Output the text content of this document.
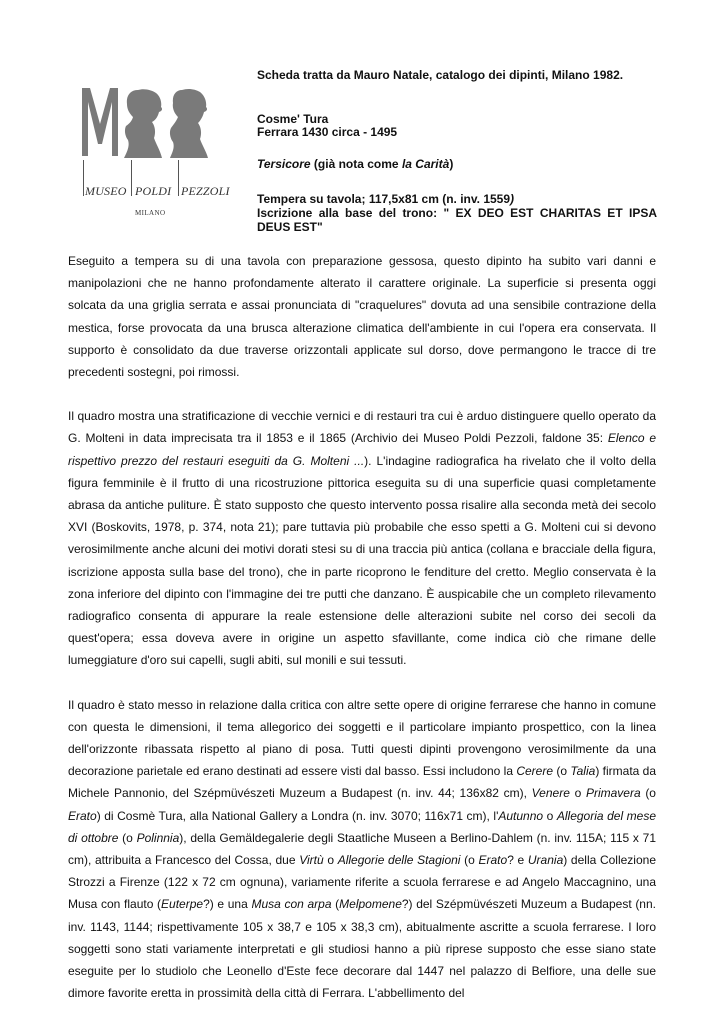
MUSEO POLDI PEZZOLI
MILANO

Scheda tratta da Mauro Natale, catalogo dei dipinti, Milano 1982.

Cosme' Tura

Ferrara 1430 circa - 1495

Tersicore (già nota come la Carità)

Tempera su tavola; 117,5x81 cm (n. inv. 1559)

Iscrizione alla base del trono: " EX DEO EST CHARITAS ET IPSA

DEUS EST"

Eseguito a tempera su di una tavola con preparazione gessosa, questo dipinto ha subito vari danni e manipolazioni che ne hanno profondamente alterato il carattere originale. La superficie si presenta oggi solcata da una griglia serrata e assai pronunciata di "craquelures" dovuta ad una sensibile contrazione della mestica, forse provocata da una brusca alterazione climatica dell'ambiente in cui l'opera era conservata. Il supporto è consolidato da due traverse orizzontali applicate sul dorso, dove permangono le tracce di tre precedenti sostegni, poi rimossi.

Il quadro mostra una stratificazione di vecchie vernici e di restauri tra cui è arduo distinguere quello operato da G. Molteni in data imprecisata tra il 1853 e il 1865 (Archivio dei Museo Poldi Pezzoli, faldone 35: Elenco e rispettivo prezzo del restauri eseguiti da G. Molteni ...). L'indagine radiografica ha rivelato che il volto della figura femminile è il frutto di una ricostruzione pittorica eseguita su di una superficie quasi completamente abrasa da antiche puliture. È stato supposto che questo intervento possa risalire alla seconda metà dei secolo XVI (Boskovits, 1978, p. 374, nota 21); pare tuttavia più probabile che esso spetti a G. Molteni cui si devono verosimilmente anche alcuni dei motivi dorati stesi su di una traccia più antica (collana e bracciale della figura, iscrizione apposta sulla base del trono), che in parte ricoprono le fenditure del cretto. Meglio conservata è la zona inferiore del dipinto con l'immagine dei tre putti che danzano. È auspicabile che un completo rilevamento radiografico consenta di appurare la reale estensione delle alterazioni subite nel corso dei secoli da quest'opera; essa doveva avere in origine un aspetto sfavillante, come indica ciò che rimane delle lumeggiature d'oro sui capelli, sugli abiti, sul monili e sui tessuti.

Il quadro è stato messo in relazione dalla critica con altre sette opere di origine ferrarese che hanno in comune con questa le dimensioni, il tema allegorico dei soggetti e il particolare impianto prospettico, con la linea dell'orizzonte ribassata rispetto al piano di posa. Tutti questi dipinti provengono verosimilmente da una decorazione parietale ed erano destinati ad essere visti dal basso. Essi includono la Cerere (o Talia) firmata da Michele Pannonio, del Szépmüvészeti Muzeum a Budapest (n. inv. 44; 136x82 cm), Venere o Primavera (o Erato) di Cosmè Tura, alla National Gallery a Londra (n. inv. 3070; 116x71 cm), l'Autunno o Allegoria del mese di ottobre (o Polinnia), della Gemäldegalerie degli Staatliche Museen a Berlino-Dahlem (n. inv. 115A; 115 x 71 cm), attribuita a Francesco del Cossa, due Virtù o Allegorie delle Stagioni (o Erato? e Urania) della Collezione Strozzi a Firenze (122 x 72 cm ognuna), variamente riferite a scuola ferrarese e ad Angelo Maccagnino, una Musa con flauto (Euterpe?) e una Musa con arpa (Melpomene?) del Szépmüvészeti Muzeum a Budapest (nn. inv. 1143, 1144; rispettivamente 105 x 38,7 e 105 x 38,3 cm), abitualmente ascritte a scuola ferrarese. I loro soggetti sono stati variamente interpretati e gli studiosi hanno a più riprese supposto che esse siano state eseguite per lo studiolo che Leonello d'Este fece decorare dal 1447 nel palazzo di Belfiore, una delle sue dimore favorite eretta in prossimità della città di Ferrara. L'abbellimento del
